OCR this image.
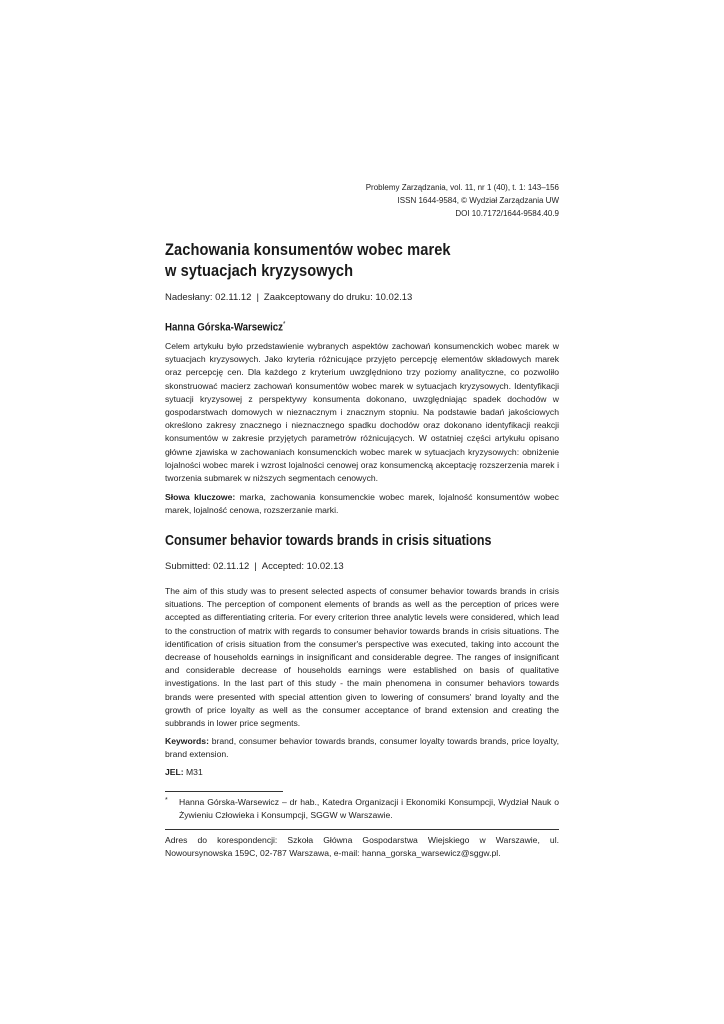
Problemy Zarządzania, vol. 11, nr 1 (40), t. 1: 143–156
ISSN 1644-9584, © Wydział Zarządzania UW
DOI 10.7172/1644-9584.40.9
Zachowania konsumentów wobec marek
w sytuacjach kryzysowych
Nadesłany: 02.11.12 | Zaakceptowany do druku: 10.02.13

Hanna Górska-Warsewicz*

Celem artykułu było przedstawienie wybranych aspektów zachowań konsumenckich wobec marek w sytuacjach kryzysowych. Jako kryteria różnicujące przyjęto percepcję elementów składowych marek oraz percepcję cen. Dla każdego z kryterium uwzględniono trzy poziomy analityczne, co pozwoliło skonstruować macierz zachowań konsumentów wobec marek w sytuacjach kryzysowych. Identyfikacji sytuacji kryzysowej z perspektywy konsumenta dokonano, uwzględniając spadek dochodów w gospodarstwach domowych w nieznacznym i znacznym stopniu. Na podstawie badań jakościowych określono zakresy znacznego i nieznacznego spadku dochodów oraz dokonano identyfikacji reakcji konsumentów w zakresie przyjętych parametrów różnicujących. W ostatniej części artykułu opisano główne zjawiska w zachowaniach konsumenckich wobec marek w sytuacjach kryzysowych: obniżenie lojalności wobec marek i wzrost lojalności cenowej oraz konsumencką akceptację rozszerzenia marek i tworzenia submarek w niższych segmentach cenowych.

Słowa kluczowe: marka, zachowania konsumenckie wobec marek, lojalność konsumentów wobec marek, lojalność cenowa, rozszerzanie marki.

Consumer behavior towards brands in crisis situations
Submitted: 02.11.12 | Accepted: 10.02.13

The aim of this study was to present selected aspects of consumer behavior towards brands in crisis situations. The perception of component elements of brands as well as the perception of prices were accepted as differentiating criteria. For every criterion three analytic levels were considered, which lead to the construction of matrix with regards to consumer behavior towards brands in crisis situations. The identification of crisis situation from the consumer's perspective was executed, taking into account the decrease of households earnings in insignificant and considerable degree. The ranges of insignificant and considerable decrease of households earnings were established on basis of qualitative investigations. In the last part of this study - the main phenomena in consumer behaviors towards brands were presented with special attention given to lowering of consumers' brand loyalty and the growth of price loyalty as well as the consumer acceptance of brand extension and creating the subbrands in lower price segments.

Keywords: brand, consumer behavior towards brands, consumer loyalty towards brands, price loyalty, brand extension.

JEL: M31

* Hanna Górska-Warsewicz – dr hab., Katedra Organizacji i Ekonomiki Konsumpcji, Wydział Nauk o Żywieniu Człowieka i Konsumpcji, SGGW w Warszawie.
Adres do korespondencji: Szkoła Główna Gospodarstwa Wiejskiego w Warszawie, ul. Nowoursynowska 159C, 02-787 Warszawa, e-mail: hanna_gorska_warsewicz@sggw.pl.
